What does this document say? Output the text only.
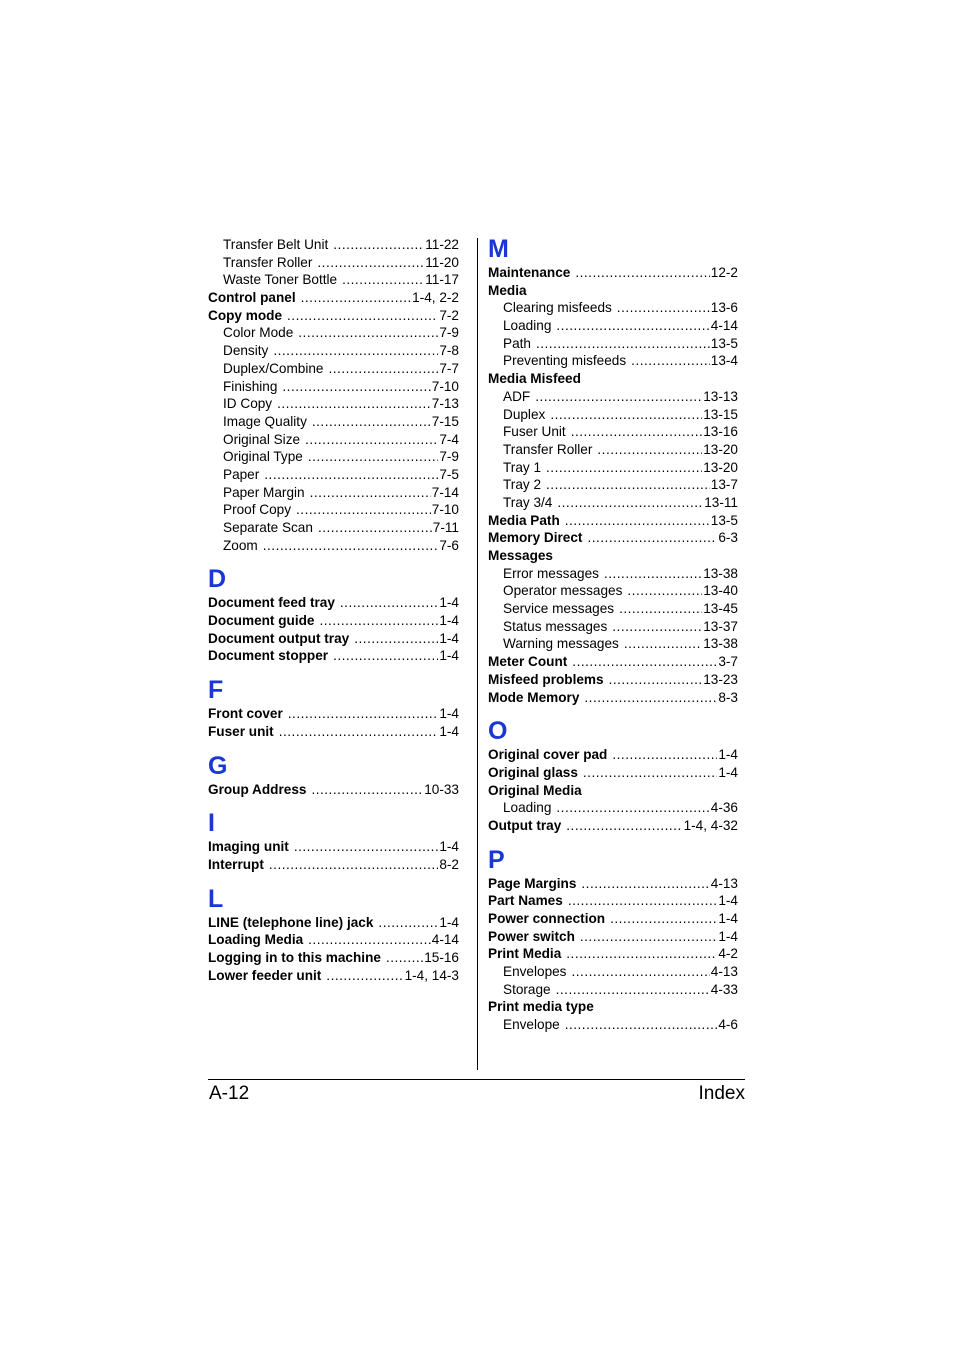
Transfer Belt Unit .....	11-22
Transfer Roller .....	11-20
Waste Toner Bottle .....	11-17
Control panel .....	1-4, 2-2
Copy mode .....	7-2
Color Mode .....	7-9
Density .....	7-8
Duplex/Combine .....	7-7
Finishing .....	7-10
ID Copy .....	7-13
Image Quality .....	7-15
Original Size .....	7-4
Original Type .....	7-9
Paper .....	7-5
Paper Margin .....	7-14
Proof Copy .....	7-10
Separate Scan .....	7-11
Zoom .....	7-6
D
Document feed tray .....	1-4
Document guide .....	1-4
Document output tray .....	1-4
Document stopper .....	1-4
F
Front cover .....	1-4
Fuser unit .....	1-4
G
Group Address .....	10-33
I
Imaging unit .....	1-4
Interrupt .....	8-2
L
LINE (telephone line) jack .....	1-4
Loading Media .....	4-14
Logging in to this machine .....	15-16
Lower feeder unit .....	1-4, 14-3
M
Maintenance .....	12-2
Media
Clearing misfeeds .....	13-6
Loading .....	4-14
Path .....	13-5
Preventing misfeeds .....	13-4
Media Misfeed
ADF .....	13-13
Duplex .....	13-15
Fuser Unit .....	13-16
Transfer Roller .....	13-20
Tray 1 .....	13-20
Tray 2 .....	13-7
Tray 3/4 .....	13-11
Media Path .....	13-5
Memory Direct .....	6-3
Messages
Error messages .....	13-38
Operator messages .....	13-40
Service messages .....	13-45
Status messages .....	13-37
Warning messages .....	13-38
Meter Count .....	3-7
Misfeed problems .....	13-23
Mode Memory .....	8-3
O
Original cover pad .....	1-4
Original glass .....	1-4
Original Media
Loading .....	4-36
Output tray .....	1-4, 4-32
P
Page Margins .....	4-13
Part Names .....	1-4
Power connection .....	1-4
Power switch .....	1-4
Print Media .....	4-2
Envelopes .....	4-13
Storage .....	4-33
Print media type
Envelope .....	4-6
A-12	Index
